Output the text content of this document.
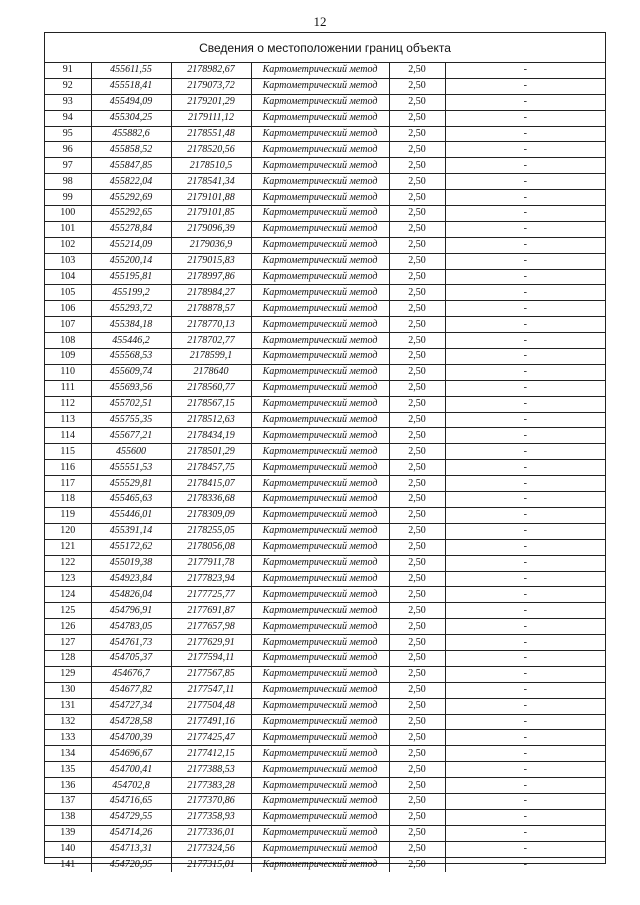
12
Сведения о местоположении границ объекта
91	455611,55	2178982,67	Картометрический метод	2,50	-
92	455518,41	2179073,72	Картометрический метод	2,50	-
93	455494,09	2179201,29	Картометрический метод	2,50	-
94	455304,25	2179111,12	Картометрический метод	2,50	-
95	455882,6	2178551,48	Картометрический метод	2,50	-
96	455858,52	2178520,56	Картометрический метод	2,50	-
97	455847,85	2178510,5	Картометрический метод	2,50	-
98	455822,04	2178541,34	Картометрический метод	2,50	-
99	455292,69	2179101,88	Картометрический метод	2,50	-
100	455292,65	2179101,85	Картометрический метод	2,50	-
101	455278,84	2179096,39	Картометрический метод	2,50	-
102	455214,09	2179036,9	Картометрический метод	2,50	-
103	455200,14	2179015,83	Картометрический метод	2,50	-
104	455195,81	2178997,86	Картометрический метод	2,50	-
105	455199,2	2178984,27	Картометрический метод	2,50	-
106	455293,72	2178878,57	Картометрический метод	2,50	-
107	455384,18	2178770,13	Картометрический метод	2,50	-
108	455446,2	2178702,77	Картометрический метод	2,50	-
109	455568,53	2178599,1	Картометрический метод	2,50	-
110	455609,74	2178640	Картометрический метод	2,50	-
111	455693,56	2178560,77	Картометрический метод	2,50	-
112	455702,51	2178567,15	Картометрический метод	2,50	-
113	455755,35	2178512,63	Картометрический метод	2,50	-
114	455677,21	2178434,19	Картометрический метод	2,50	-
115	455600	2178501,29	Картометрический метод	2,50	-
116	455551,53	2178457,75	Картометрический метод	2,50	-
117	455529,81	2178415,07	Картометрический метод	2,50	-
118	455465,63	2178336,68	Картометрический метод	2,50	-
119	455446,01	2178309,09	Картометрический метод	2,50	-
120	455391,14	2178255,05	Картометрический метод	2,50	-
121	455172,62	2178056,08	Картометрический метод	2,50	-
122	455019,38	2177911,78	Картометрический метод	2,50	-
123	454923,84	2177823,94	Картометрический метод	2,50	-
124	454826,04	2177725,77	Картометрический метод	2,50	-
125	454796,91	2177691,87	Картометрический метод	2,50	-
126	454783,05	2177657,98	Картометрический метод	2,50	-
127	454761,73	2177629,91	Картометрический метод	2,50	-
128	454705,37	2177594,11	Картометрический метод	2,50	-
129	454676,7	2177567,85	Картометрический метод	2,50	-
130	454677,82	2177547,11	Картометрический метод	2,50	-
131	454727,34	2177504,48	Картометрический метод	2,50	-
132	454728,58	2177491,16	Картометрический метод	2,50	-
133	454700,39	2177425,47	Картометрический метод	2,50	-
134	454696,67	2177412,15	Картометрический метод	2,50	-
135	454700,41	2177388,53	Картометрический метод	2,50	-
136	454702,8	2177383,28	Картометрический метод	2,50	-
137	454716,65	2177370,86	Картометрический метод	2,50	-
138	454729,55	2177358,93	Картометрический метод	2,50	-
139	454714,26	2177336,01	Картометрический метод	2,50	-
140	454713,31	2177324,56	Картометрический метод	2,50	-
141	454720,95	2177315,01	Картометрический метод	2,50	-
